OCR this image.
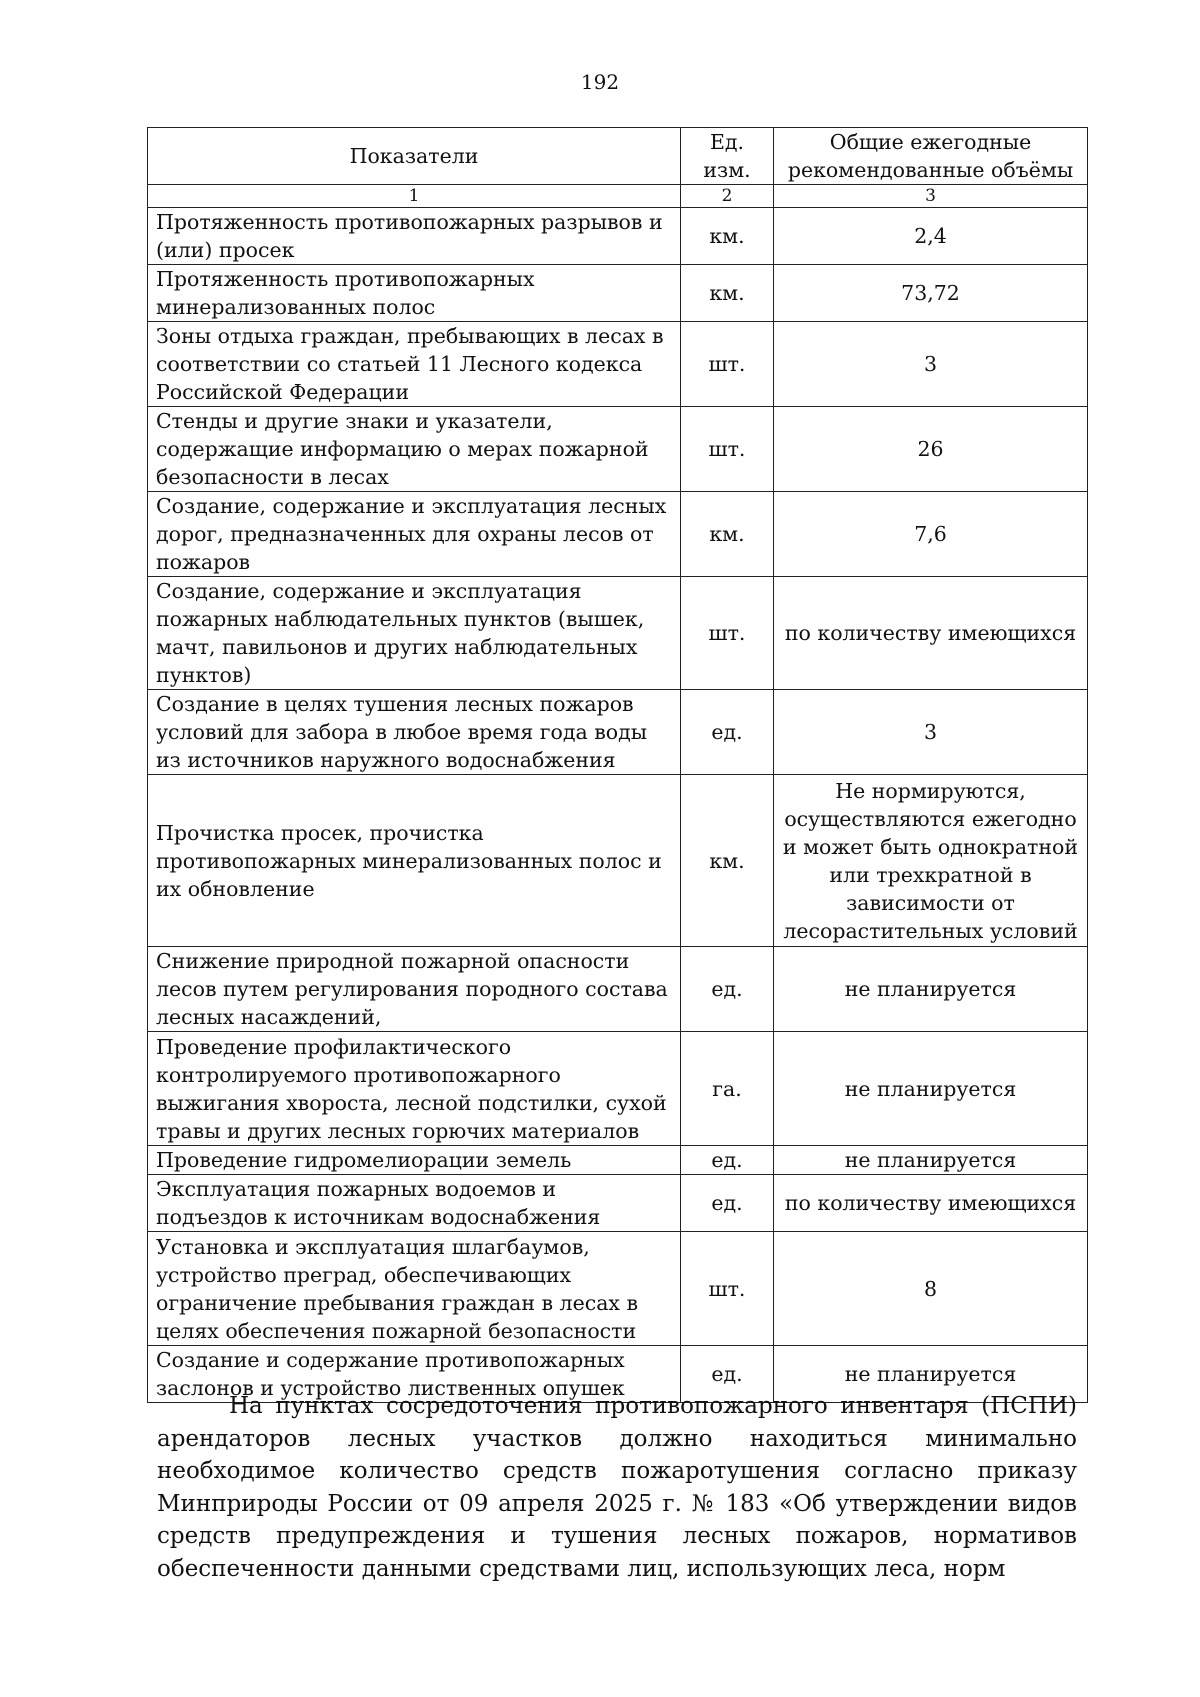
192
Показатели	Ед. изм.	Общие ежегодные рекомендованные объёмы
1	2	3
Протяженность противопожарных разрывов и (или) просек	км.	2,4
Протяженность противопожарных минерализованных полос	км.	73,72
Зоны отдыха граждан, пребывающих в лесах в соответствии со статьей 11 Лесного кодекса Российской Федерации	шт.	3
Стенды и другие знаки и указатели, содержащие информацию о мерах пожарной безопасности в лесах	шт.	26
Создание, содержание и эксплуатация лесных дорог, предназначенных для охраны лесов от пожаров	км.	7,6
Создание, содержание и эксплуатация пожарных наблюдательных пунктов (вышек, мачт, павильонов и других наблюдательных пунктов)	шт.	по количеству имеющихся
Создание в целях тушения лесных пожаров условий для забора в любое время года воды из источников наружного водоснабжения	ед.	3
Прочистка просек, прочистка противопожарных минерализованных полос и их обновление	км.	Не нормируются, осуществляются ежегодно и может быть однократной или трехкратной в зависимости от лесорастительных условий
Снижение природной пожарной опасности лесов путем регулирования породного состава лесных насаждений,	ед.	не планируется
Проведение профилактического контролируемого противопожарного выжигания хвороста, лесной подстилки, сухой травы и других лесных горючих материалов	га.	не планируется
Проведение гидромелиорации земель	ед.	не планируется
Эксплуатация пожарных водоемов и подъездов к источникам водоснабжения	ед.	по количеству имеющихся
Установка и эксплуатация шлагбаумов, устройство преград, обеспечивающих ограничение пребывания граждан в лесах в целях обеспечения пожарной безопасности	шт.	8
Создание и содержание противопожарных заслонов и устройство лиственных опушек	ед.	не планируется

На пунктах сосредоточения противопожарного инвентаря (ПСПИ) арендаторов лесных участков должно находиться минимально необходимое количество средств пожаротушения согласно приказу Минприроды России от 09 апреля 2025 г. № 183 «Об утверждении видов средств предупреждения и тушения лесных пожаров, нормативов обеспеченности данными средствами лиц, использующих леса, норм
